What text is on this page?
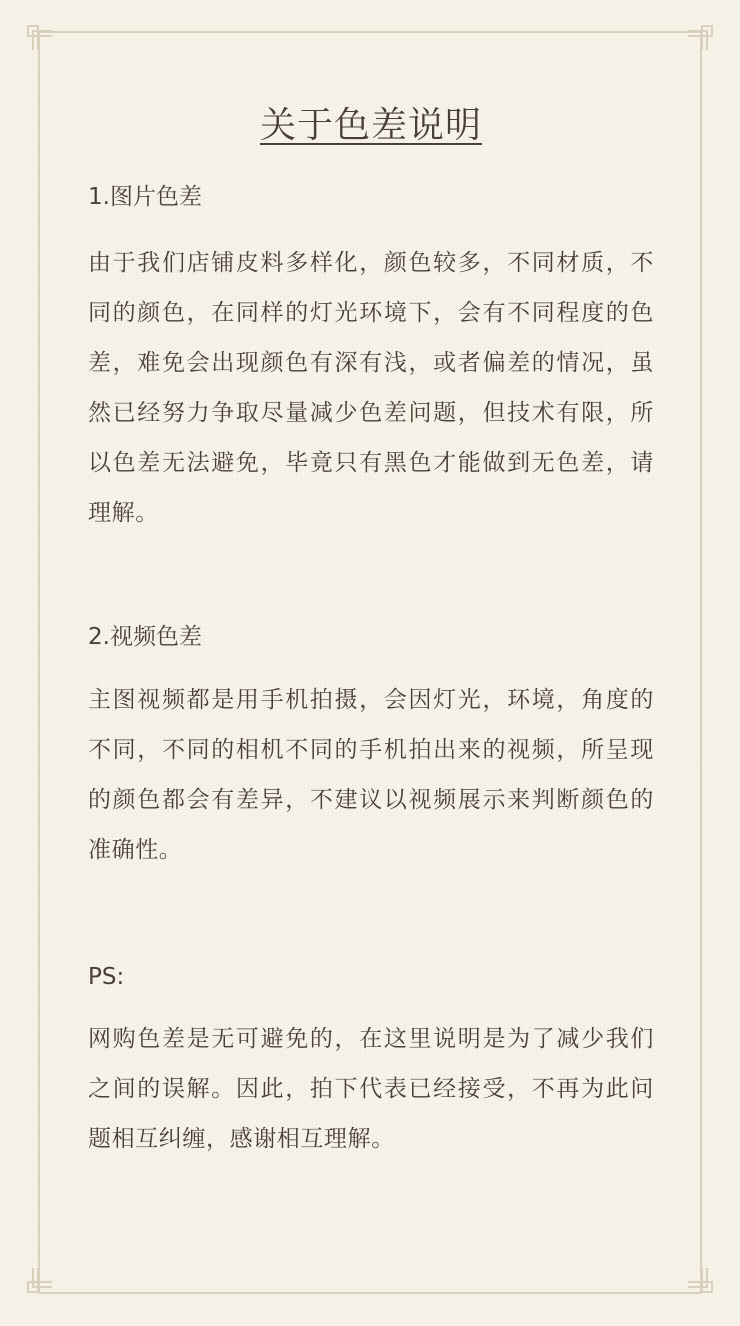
关于色差说明
1.图片色差
由于我们店铺皮料多样化，颜色较多，不同材质，不同的颜色，在同样的灯光环境下，会有不同程度的色差，难免会出现颜色有深有浅，或者偏差的情况，虽然已经努力争取尽量减少色差问题，但技术有限，所以色差无法避免，毕竟只有黑色才能做到无色差，请理解。
2.视频色差
主图视频都是用手机拍摄，会因灯光，环境，角度的不同，不同的相机不同的手机拍出来的视频，所呈现的颜色都会有差异，不建议以视频展示来判断颜色的准确性。
PS:
网购色差是无可避免的，在这里说明是为了减少我们之间的误解。因此，拍下代表已经接受，不再为此问题相互纠缠，感谢相互理解。
